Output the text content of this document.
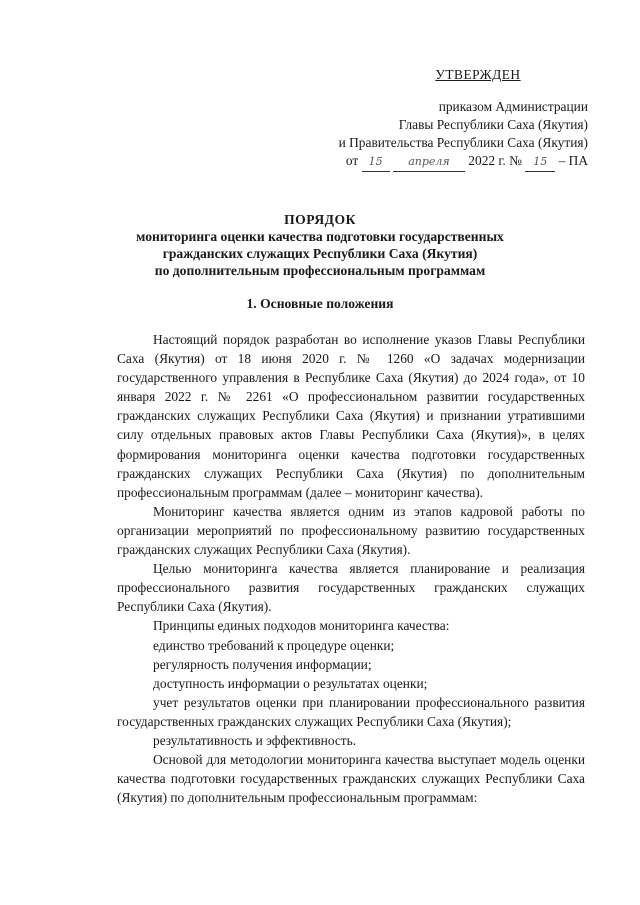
УТВЕРЖДЕН
приказом Администрации
Главы Республики Саха (Якутия)
и Правительства Республики Саха (Якутия)
от 15 апреля 2022 г. № 15 – ПА
ПОРЯДОК
мониторинга оценки качества подготовки государственных
гражданских служащих Республики Саха (Якутия)
по дополнительным профессиональным программам
1. Основные положения

Настоящий порядок разработан во исполнение указов Главы Республики Саха (Якутия) от 18 июня 2020 г. № 1260 «О задачах модернизации государственного управления в Республике Саха (Якутия) до 2024 года», от 10 января 2022 г. № 2261 «О профессиональном развитии государственных гражданских служащих Республики Саха (Якутия) и признании утратившими силу отдельных правовых актов Главы Республики Саха (Якутия)», в целях формирования мониторинга оценки качества подготовки государственных гражданских служащих Республики Саха (Якутия) по дополнительным профессиональным программам (далее – мониторинг качества).

Мониторинг качества является одним из этапов кадровой работы по организации мероприятий по профессиональному развитию государственных гражданских служащих Республики Саха (Якутия).

Целью мониторинга качества является планирование и реализация профессионального развития государственных гражданских служащих Республики Саха (Якутия).

Принципы единых подходов мониторинга качества:

единство требований к процедуре оценки;

регулярность получения информации;

доступность информации о результатах оценки;

учет результатов оценки при планировании профессионального развития государственных гражданских служащих Республики Саха (Якутия);

результативность и эффективность.

Основой для методологии мониторинга качества выступает модель оценки качества подготовки государственных гражданских служащих Республики Саха (Якутия) по дополнительным профессиональным программам:
